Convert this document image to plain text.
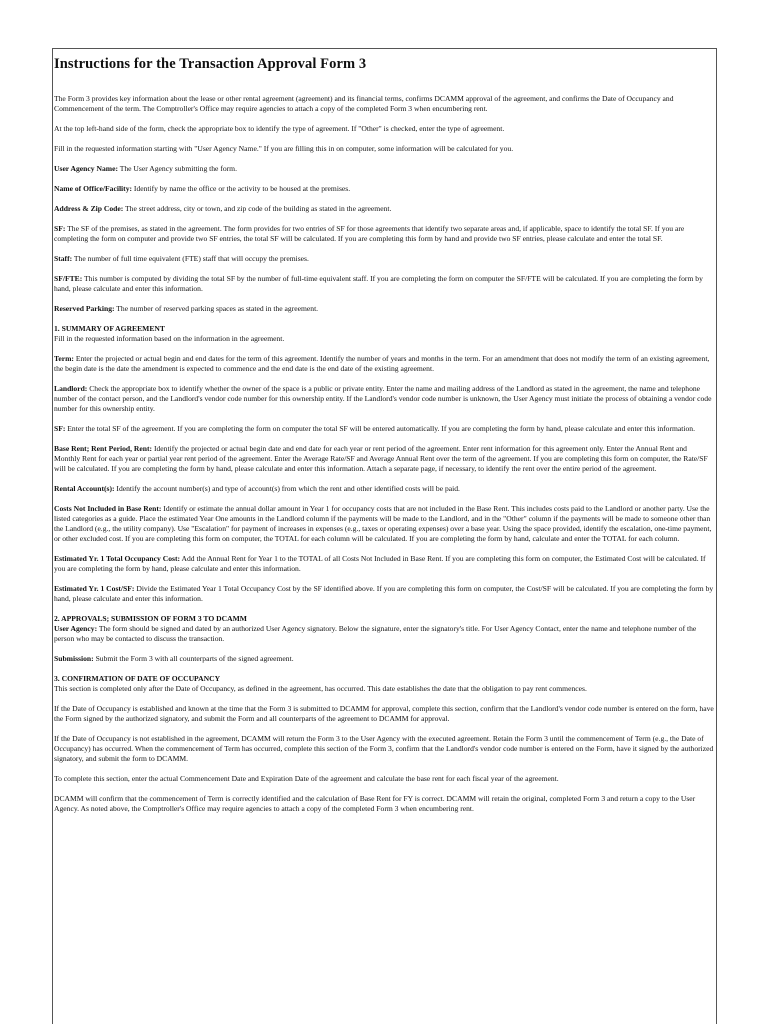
Instructions for the Transaction Approval Form 3

The Form 3 provides key information about the lease or other rental agreement (agreement) and its financial terms, confirms DCAMM approval of the agreement, and confirms the Date of Occupancy and Commencement of the term. The Comptroller's Office may require agencies to attach a copy of the completed Form 3 when encumbering rent.

At the top left-hand side of the form, check the appropriate box to identify the type of agreement. If "Other" is checked, enter the type of agreement.

Fill in the requested information starting with "User Agency Name." If you are filling this in on computer, some information will be calculated for you.

User Agency Name: The User Agency submitting the form.

Name of Office/Facility: Identify by name the office or the activity to be housed at the premises.

Address & Zip Code: The street address, city or town, and zip code of the building as stated in the agreement.

SF: The SF of the premises, as stated in the agreement. The form provides for two entries of SF for those agreements that identify two separate areas and, if applicable, space to identify the total SF. If you are completing the form on computer and provide two SF entries, the total SF will be calculated. If you are completing this form by hand and provide two SF entries, please calculate and enter the total SF.

Staff: The number of full time equivalent (FTE) staff that will occupy the premises.

SF/FTE: This number is computed by dividing the total SF by the number of full-time equivalent staff. If you are completing the form on computer the SF/FTE will be calculated. If you are completing the form by hand, please calculate and enter this information.

Reserved Parking: The number of reserved parking spaces as stated in the agreement.

1. SUMMARY OF AGREEMENT
Fill in the requested information based on the information in the agreement.

Term: Enter the projected or actual begin and end dates for the term of this agreement. Identify the number of years and months in the term. For an amendment that does not modify the term of an existing agreement, the begin date is the date the amendment is expected to commence and the end date is the end date of the existing agreement.

Landlord: Check the appropriate box to identify whether the owner of the space is a public or private entity. Enter the name and mailing address of the Landlord as stated in the agreement, the name and telephone number of the contact person, and the Landlord's vendor code number for this ownership entity. If the Landlord's vendor code number is unknown, the User Agency must initiate the process of obtaining a vendor code number for this ownership entity.

SF: Enter the total SF of the agreement. If you are completing the form on computer the total SF will be entered automatically. If you are completing the form by hand, please calculate and enter this information.

Base Rent; Rent Period, Rent: Identify the projected or actual begin date and end date for each year or rent period of the agreement. Enter rent information for this agreement only. Enter the Annual Rent and Monthly Rent for each year or partial year rent period of the agreement. Enter the Average Rate/SF and Average Annual Rent over the term of the agreement. If you are completing this form on computer, the Rate/SF will be calculated. If you are completing the form by hand, please calculate and enter this information. Attach a separate page, if necessary, to identify the rent over the entire period of the agreement.

Rental Account(s): Identify the account number(s) and type of account(s) from which the rent and other identified costs will be paid.

Costs Not Included in Base Rent: Identify or estimate the annual dollar amount in Year 1 for occupancy costs that are not included in the Base Rent. This includes costs paid to the Landlord or another party. Use the listed categories as a guide. Place the estimated Year One amounts in the Landlord column if the payments will be made to the Landlord, and in the "Other" column if the payments will be made to someone other than the Landlord (e.g., the utility company). Use "Escalation" for payment of increases in expenses (e.g., taxes or operating expenses) over a base year. Using the space provided, identify the escalation, one-time payment, or other excluded cost. If you are completing this form on computer, the TOTAL for each column will be calculated. If you are completing the form by hand, calculate and enter the TOTAL for each column.

Estimated Yr. 1 Total Occupancy Cost: Add the Annual Rent for Year 1 to the TOTAL of all Costs Not Included in Base Rent. If you are completing this form on computer, the Estimated Cost will be calculated. If you are completing the form by hand, please calculate and enter this information.

Estimated Yr. 1 Cost/SF: Divide the Estimated Year 1 Total Occupancy Cost by the SF identified above. If you are completing this form on computer, the Cost/SF will be calculated. If you are completing the form by hand, please calculate and enter this information.

2. APPROVALS; SUBMISSION OF FORM 3 TO DCAMM
User Agency: The form should be signed and dated by an authorized User Agency signatory. Below the signature, enter the signatory's title. For User Agency Contact, enter the name and telephone number of the person who may be contacted to discuss the transaction.

Submission: Submit the Form 3 with all counterparts of the signed agreement.

3. CONFIRMATION OF DATE OF OCCUPANCY
This section is completed only after the Date of Occupancy, as defined in the agreement, has occurred. This date establishes the date that the obligation to pay rent commences.

If the Date of Occupancy is established and known at the time that the Form 3 is submitted to DCAMM for approval, complete this section, confirm that the Landlord's vendor code number is entered on the form, have the Form signed by the authorized signatory, and submit the Form and all counterparts of the agreement to DCAMM for approval.

If the Date of Occupancy is not established in the agreement, DCAMM will return the Form 3 to the User Agency with the executed agreement. Retain the Form 3 until the commencement of Term (e.g., the Date of Occupancy) has occurred. When the commencement of Term has occurred, complete this section of the Form 3, confirm that the Landlord's vendor code number is entered on the Form, have it signed by the authorized signatory, and submit the form to DCAMM.

To complete this section, enter the actual Commencement Date and Expiration Date of the agreement and calculate the base rent for each fiscal year of the agreement.

DCAMM will confirm that the commencement of Term is correctly identified and the calculation of Base Rent for FY is correct. DCAMM will retain the original, completed Form 3 and return a copy to the User Agency. As noted above, the Comptroller's Office may require agencies to attach a copy of the completed Form 3 when encumbering rent.
